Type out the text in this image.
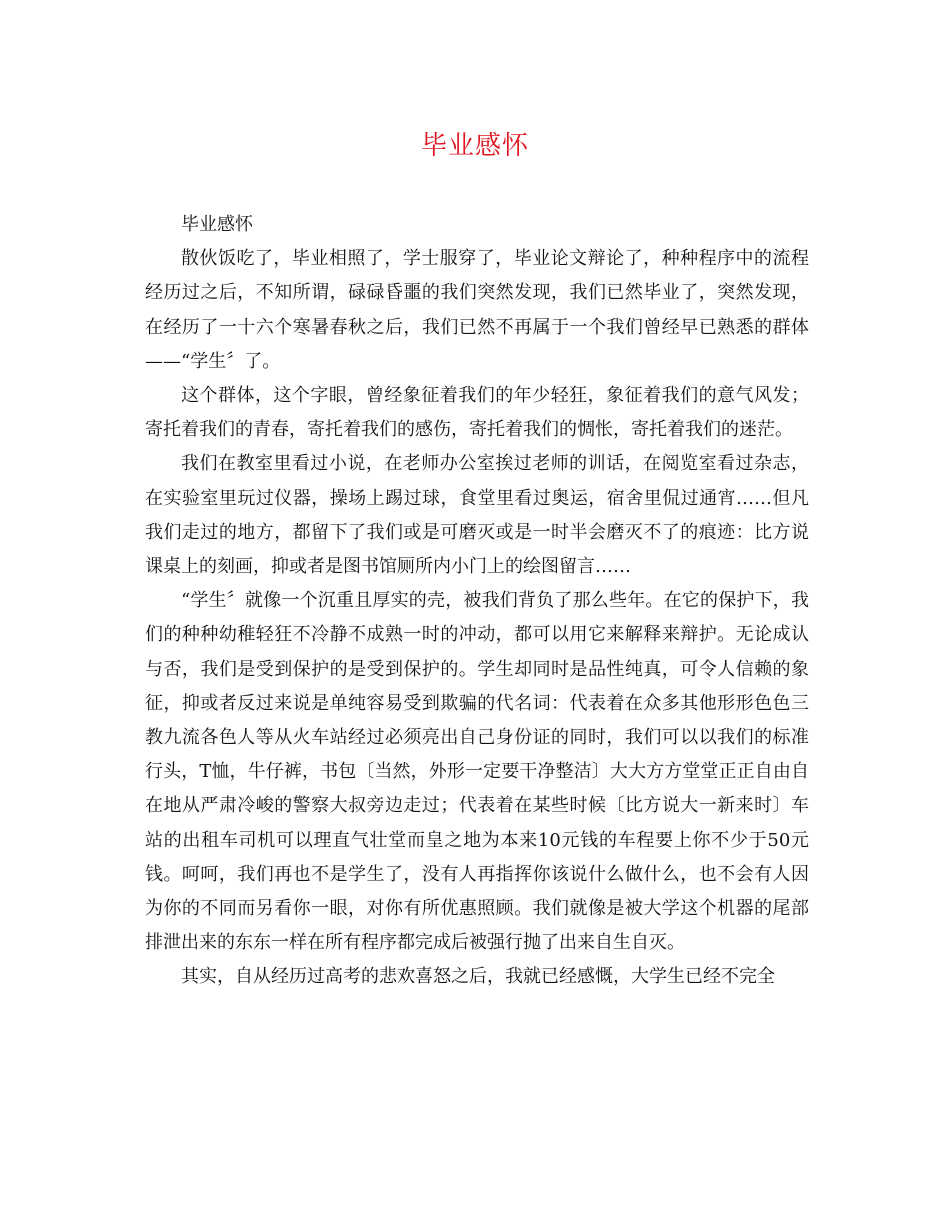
毕业感怀

毕业感怀

散伙饭吃了，毕业相照了，学士服穿了，毕业论文辩论了，种种程序中的流程经历过之后，不知所谓，碌碌昏噩的我们突然发现，我们已然毕业了，突然发现，在经历了一十六个寒暑春秋之后，我们已然不再属于一个我们曾经早已熟悉的群体——“学生〞了。

这个群体，这个字眼，曾经象征着我们的年少轻狂，象征着我们的意气风发；寄托着我们的青春，寄托着我们的感伤，寄托着我们的惆怅，寄托着我们的迷茫。

我们在教室里看过小说，在老师办公室挨过老师的训话，在阅览室看过杂志，在实验室里玩过仪器，操场上踢过球，食堂里看过奥运，宿舍里侃过通宵……但凡我们走过的地方，都留下了我们或是可磨灭或是一时半会磨灭不了的痕迹：比方说课桌上的刻画，抑或者是图书馆厕所内小门上的绘图留言……

“学生〞就像一个沉重且厚实的壳，被我们背负了那么些年。在它的保护下，我们的种种幼稚轻狂不冷静不成熟一时的冲动，都可以用它来解释来辩护。无论成认与否，我们是受到保护的是受到保护的。学生却同时是品性纯真，可令人信赖的象征，抑或者反过来说是单纯容易受到欺骗的代名词：代表着在众多其他形形色色三教九流各色人等从火车站经过必须亮出自己身份证的同时，我们可以以我们的标准行头，T恤，牛仔裤，书包〔当然，外形一定要干净整洁〕大大方方堂堂正正自由自在地从严肃冷峻的警察大叔旁边走过；代表着在某些时候〔比方说大一新来时〕车站的出租车司机可以理直气壮堂而皇之地为本来10元钱的车程要上你不少于50元钱。呵呵，我们再也不是学生了，没有人再指挥你该说什么做什么，也不会有人因为你的不同而另看你一眼，对你有所优惠照顾。我们就像是被大学这个机器的尾部排泄出来的东东一样在所有程序都完成后被强行抛了出来自生自灭。

其实，自从经历过高考的悲欢喜怒之后，我就已经感慨，大学生已经不完全
